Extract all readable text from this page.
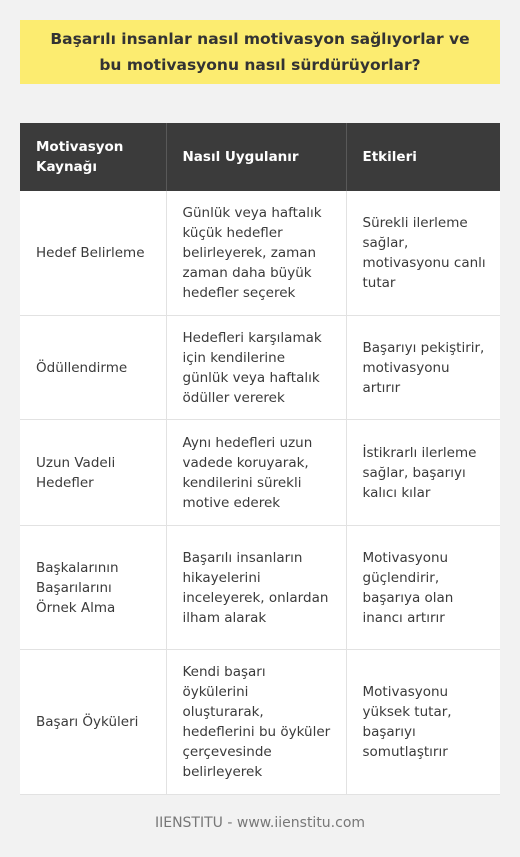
Başarılı insanlar nasıl motivasyon sağlıyorlar ve bu motivasyonu nasıl sürdürüyorlar?
Motivasyon Kaynağı	Nasıl Uygulanır	Etkileri
Hedef Belirleme	Günlük veya haftalık küçük hedefler belirleyerek, zaman zaman daha büyük hedefler seçerek	Sürekli ilerleme sağlar, motivasyonu canlı tutar
Ödüllendirme	Hedefleri karşılamak için kendilerine günlük veya haftalık ödüller vererek	Başarıyı pekiştirir, motivasyonu artırır
Uzun Vadeli Hedefler	Aynı hedefleri uzun vadede koruyarak, kendilerini sürekli motive ederek	İstikrarlı ilerleme sağlar, başarıyı kalıcı kılar
Başkalarının Başarılarını Örnek Alma	Başarılı insanların hikayelerini inceleyerek, onlardan ilham alarak	Motivasyonu güçlendirir, başarıya olan inancı artırır
Başarı Öyküleri	Kendi başarı öykülerini oluşturarak, hedeflerini bu öyküler çerçevesinde belirleyerek	Motivasyonu yüksek tutar, başarıyı somutlaştırır
IIENSTITU - www.iienstitu.com
